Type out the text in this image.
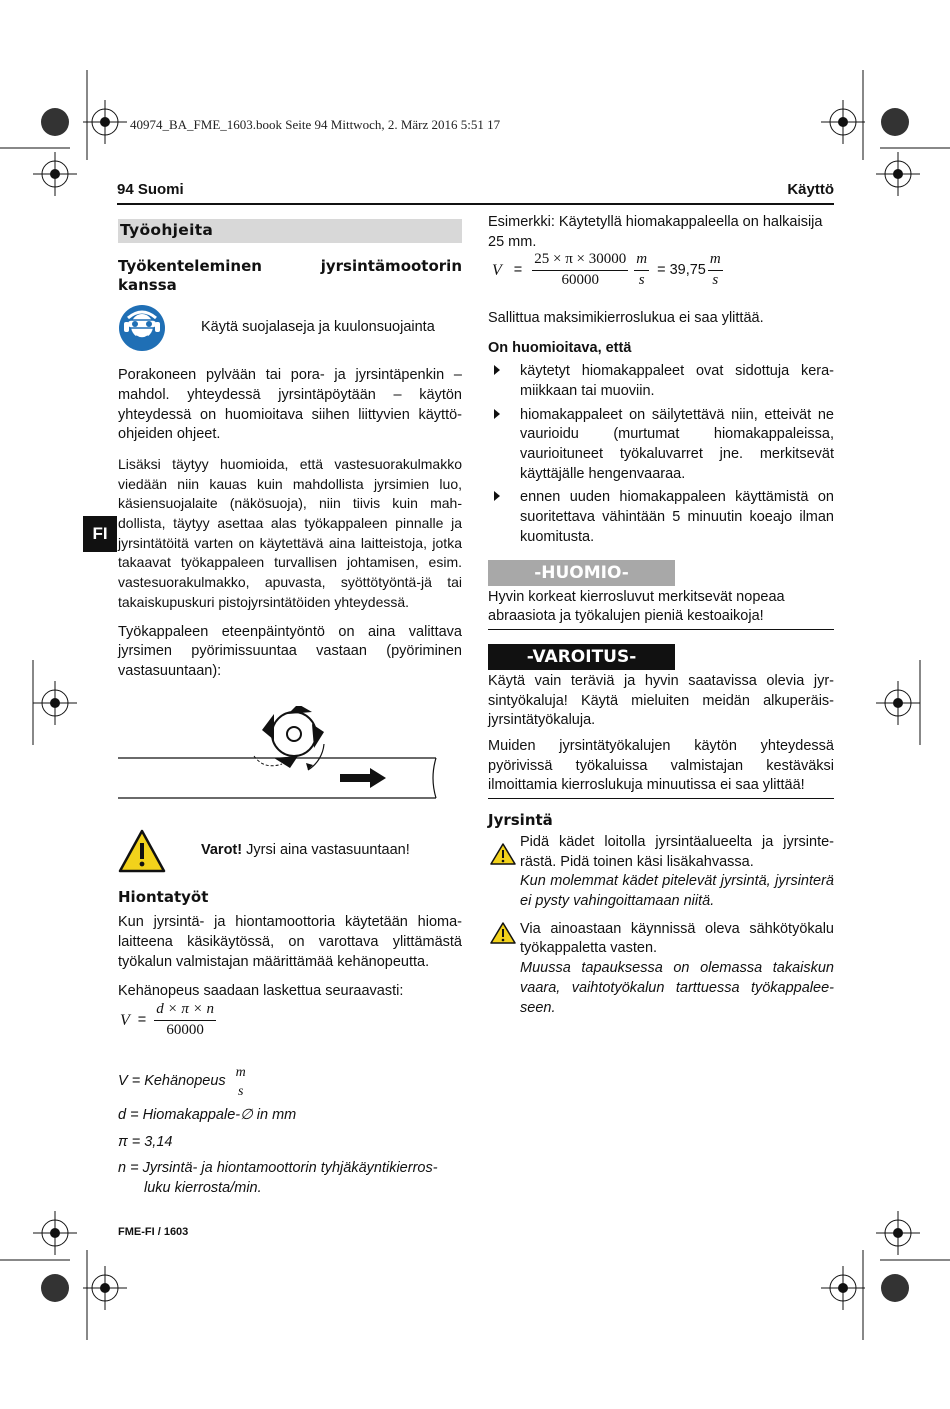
40974_BA_FME_1603.book Seite 94 Mittwoch, 2. März 2016 5:51 17
94 Suomi	Käyttö
FI
Työohjeita
Työkenteleminen	jyrsintämootorin
kanssa
Käytä suojalaseja ja kuulonsuojainta

Porakoneen pylvään tai pora- ja jyrsintäpenkin – mahdol. yhteydessä jyrsintäpöytään – käytön yhteydessä on huomioitava siihen liittyvien käyttö-ohjeiden ohjeet.

Lisäksi täytyy huomioida, että vastesuorakulmakko viedään niin kauas kuin mahdollista jyrsimien luo, käsiensuojalaite (näkösuoja), niin tiivis kuin mah-dollista, täytyy asettaa alas työkappaleen pinnalle ja jyrsintätöitä varten on käytettävä aina laitteistoja, jotka takaavat työkappaleen turvallisen johtamisen, esim. vastesuorakulmakko, apuvasta, syöttötyöntä-jä tai takaiskupuskuri pistojyrsintätöiden yhteydessä.

Työkappaleen eteenpäintyöntö on aina valittava jyrsimen pyörimissuuntaa vastaan (pyöriminen vastasuuntaan):

Varot! Jyrsi aina vastasuuntaan!
Hiontatyöt

Kun jyrsintä- ja hiontamoottoria käytetään hioma-laitteena käsikäytössä, on varottava ylittämästä työkalun valmistajan määrittämää kehänopeutta.

Kehänopeus saadaan laskettua seuraavasti:

$V = \frac{d \times \pi \times n}{60000}$
V = Kehänopeus
m
s
d = Hiomakappale-∅ in mm
π = 3,14
n = Jyrsintä- ja hiontamoottorin tyhjäkäyntikierros-
luku kierrosta/min.

Esimerkki: Käytetyllä hiomakappaleella on halkaisija 25 mm.

$V = \frac{25 \times \pi \times 30000}{60000} \frac{m}{s} = 39,75 \frac{m}{s}$

Sallittua maksimikierroslukua ei saa ylittää.

On huomioitava, että
käytetyt hiomakappaleet ovat sidottuja kera-miikkaan tai muoviin.
hiomakappaleet on säilytettävä niin, etteivät ne vaurioidu (murtumat hiomakappaleissa, vaurioituneet työkaluvarret jne. merkitsevät käyttäjälle hengenvaaraa.
ennen uuden hiomakappaleen käyttämistä on suoritettava vähintään 5 minuutin koeajo ilman kuomitusta.
-HUOMIO-
Hyvin korkeat kierrosluvut merkitsevät nopeaa abraasiota ja työkalujen pieniä kestoaikoja!
-VAROITUS-

Käytä vain teräviä ja hyvin saatavissa olevia jyr-sintyökaluja! Käytä mieluiten meidän alkuperäis-jyrsintätyökaluja.

Muiden jyrsintätyökalujen käytön yhteydessä pyörivissä työkaluissa valmistajan kestäväksi ilmoittamia kierroslukuja minuutissa ei saa ylittää!
Jyrsintä
Pidä kädet loitolla jyrsintäalueelta ja jyrsinte-rästä. Pidä toinen käsi lisäkahvassa.
Kun molemmat kädet pitelevät jyrsintä, jyrsinterä ei pysty vahingoittamaan niitä.
Via ainoastaan käynnissä oleva sähkötyökalu työkappaletta vasten.
Muussa tapauksessa on olemassa takaiskun vaara, vaihtotyökalun tarttuessa työkappalee-seen.
FME-FI / 1603
